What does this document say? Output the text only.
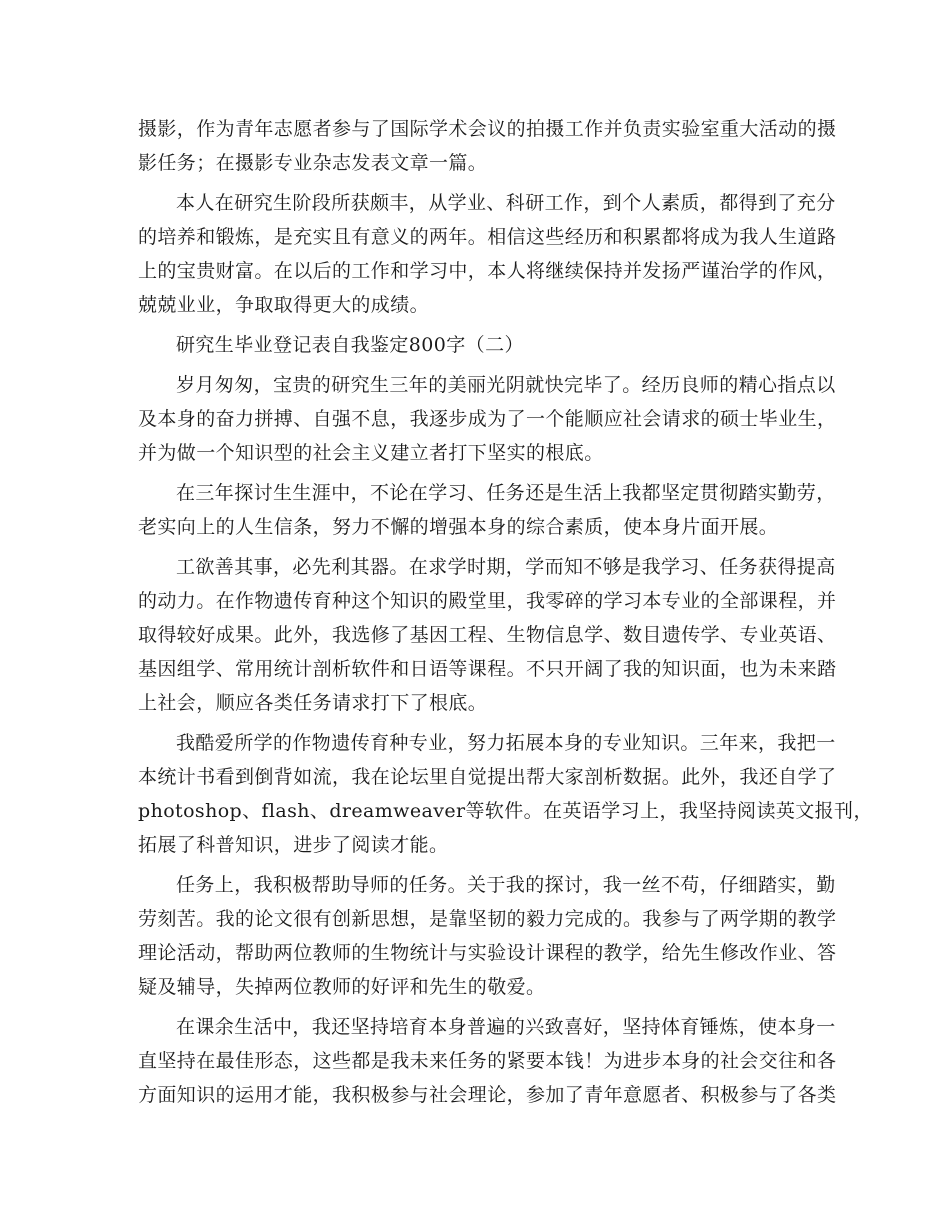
摄影，作为青年志愿者参与了国际学术会议的拍摄工作并负责实验室重大活动的摄
影任务；在摄影专业杂志发表文章一篇。
本人在研究生阶段所获颇丰，从学业、科研工作，到个人素质，都得到了充分
的培养和锻炼，是充实且有意义的两年。相信这些经历和积累都将成为我人生道路
上的宝贵财富。在以后的工作和学习中，本人将继续保持并发扬严谨治学的作风，
兢兢业业，争取取得更大的成绩。
研究生毕业登记表自我鉴定800字（二）
岁月匆匆，宝贵的研究生三年的美丽光阴就快完毕了。经历良师的精心指点以
及本身的奋力拼搏、自强不息，我逐步成为了一个能顺应社会请求的硕士毕业生，
并为做一个知识型的社会主义建立者打下坚实的根底。
在三年探讨生生涯中，不论在学习、任务还是生活上我都坚定贯彻踏实勤劳，
老实向上的人生信条，努力不懈的增强本身的综合素质，使本身片面开展。
工欲善其事，必先利其器。在求学时期，学而知不够是我学习、任务获得提高
的动力。在作物遗传育种这个知识的殿堂里，我零碎的学习本专业的全部课程，并
取得较好成果。此外，我选修了基因工程、生物信息学、数目遗传学、专业英语、
基因组学、常用统计剖析软件和日语等课程。不只开阔了我的知识面，也为未来踏
上社会，顺应各类任务请求打下了根底。
我酷爱所学的作物遗传育种专业，努力拓展本身的专业知识。三年来，我把一
本统计书看到倒背如流，我在论坛里自觉提出帮大家剖析数据。此外，我还自学了
photoshop、flash、dreamweaver等软件。在英语学习上，我坚持阅读英文报刊，
拓展了科普知识，进步了阅读才能。
任务上，我积极帮助导师的任务。关于我的探讨，我一丝不苟，仔细踏实，勤
劳刻苦。我的论文很有创新思想，是靠坚韧的毅力完成的。我参与了两学期的教学
理论活动，帮助两位教师的生物统计与实验设计课程的教学，给先生修改作业、答
疑及辅导，失掉两位教师的好评和先生的敬爱。
在课余生活中，我还坚持培育本身普遍的兴致喜好，坚持体育锤炼，使本身一
直坚持在最佳形态，这些都是我未来任务的紧要本钱！为进步本身的社会交往和各
方面知识的运用才能，我积极参与社会理论，参加了青年意愿者、积极参与了各类
